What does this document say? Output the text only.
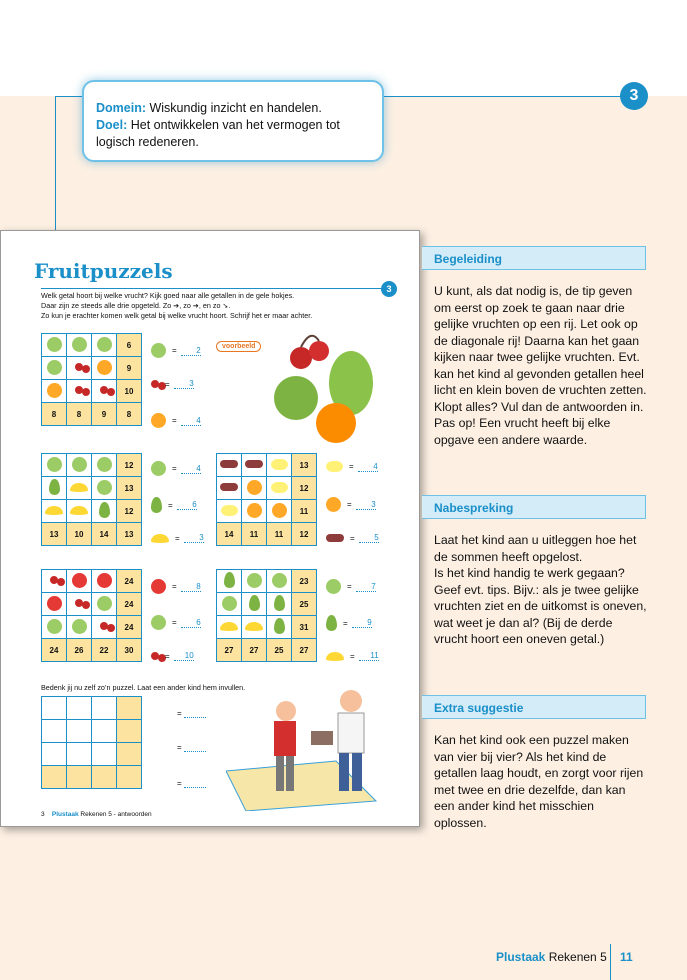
3
Domein: Wiskundig inzicht en handelen.
Doel: Het ontwikkelen van het vermogen tot logisch redeneren.
Fruitpuzzels
3
Welk getal hoort bij welke vrucht? Kijk goed naar alle getallen in de gele hokjes.
Daar zijn ze steeds alle drie opgeteld. Zo ➔, zo ➔, en zo ➘.
Zo kun je erachter komen welk getal bij welke vrucht hoort. Schrijf het er maar achter.
voorbeeld
			6
			9
			10
8	8	9	8
=	2
=	3
=	4
			12
			13
			12
13	10	14	13
=	4
=	6
=	3
			13
			12
			11
14	11	11	12
=	4
=	3
=	5
			24
			24
			24
24	26	22	30
=	8
=	6
=	10
			23
			25
			31
27	27	25	27
=	7
=	9
=	11
Bedenk jij nu zelf zo’n puzzel. Laat een ander kind hem invullen.

=

=

=

3 Plustaak Rekenen 5 - antwoorden
Begeleiding
U kunt, als dat nodig is, de tip geven om eerst op zoek te gaan naar drie gelijke vruchten op een rij. Let ook op de diagonale rij! Daarna kan het gaan kijken naar twee gelijke vruchten. Evt. kan het kind al gevonden getallen heel licht en klein boven de vruchten zetten. Klopt alles? Vul dan de antwoorden in.
Pas op! Een vrucht heeft bij elke opgave een andere waarde.
Nabespreking
Laat het kind aan u uitleggen hoe het de sommen heeft opgelost.
Is het kind handig te werk gegaan? Geef evt. tips. Bijv.: als je twee gelijke vruchten ziet en de uitkomst is oneven, wat weet je dan al? (Bij de derde vrucht hoort een oneven getal.)
Extra suggestie
Kan het kind ook een puzzel maken van vier bij vier? Als het kind de getallen laag houdt, en zorgt voor rijen met twee en drie dezelfde, dan kan een ander kind het misschien oplossen.
Plustaak Rekenen 5 11
